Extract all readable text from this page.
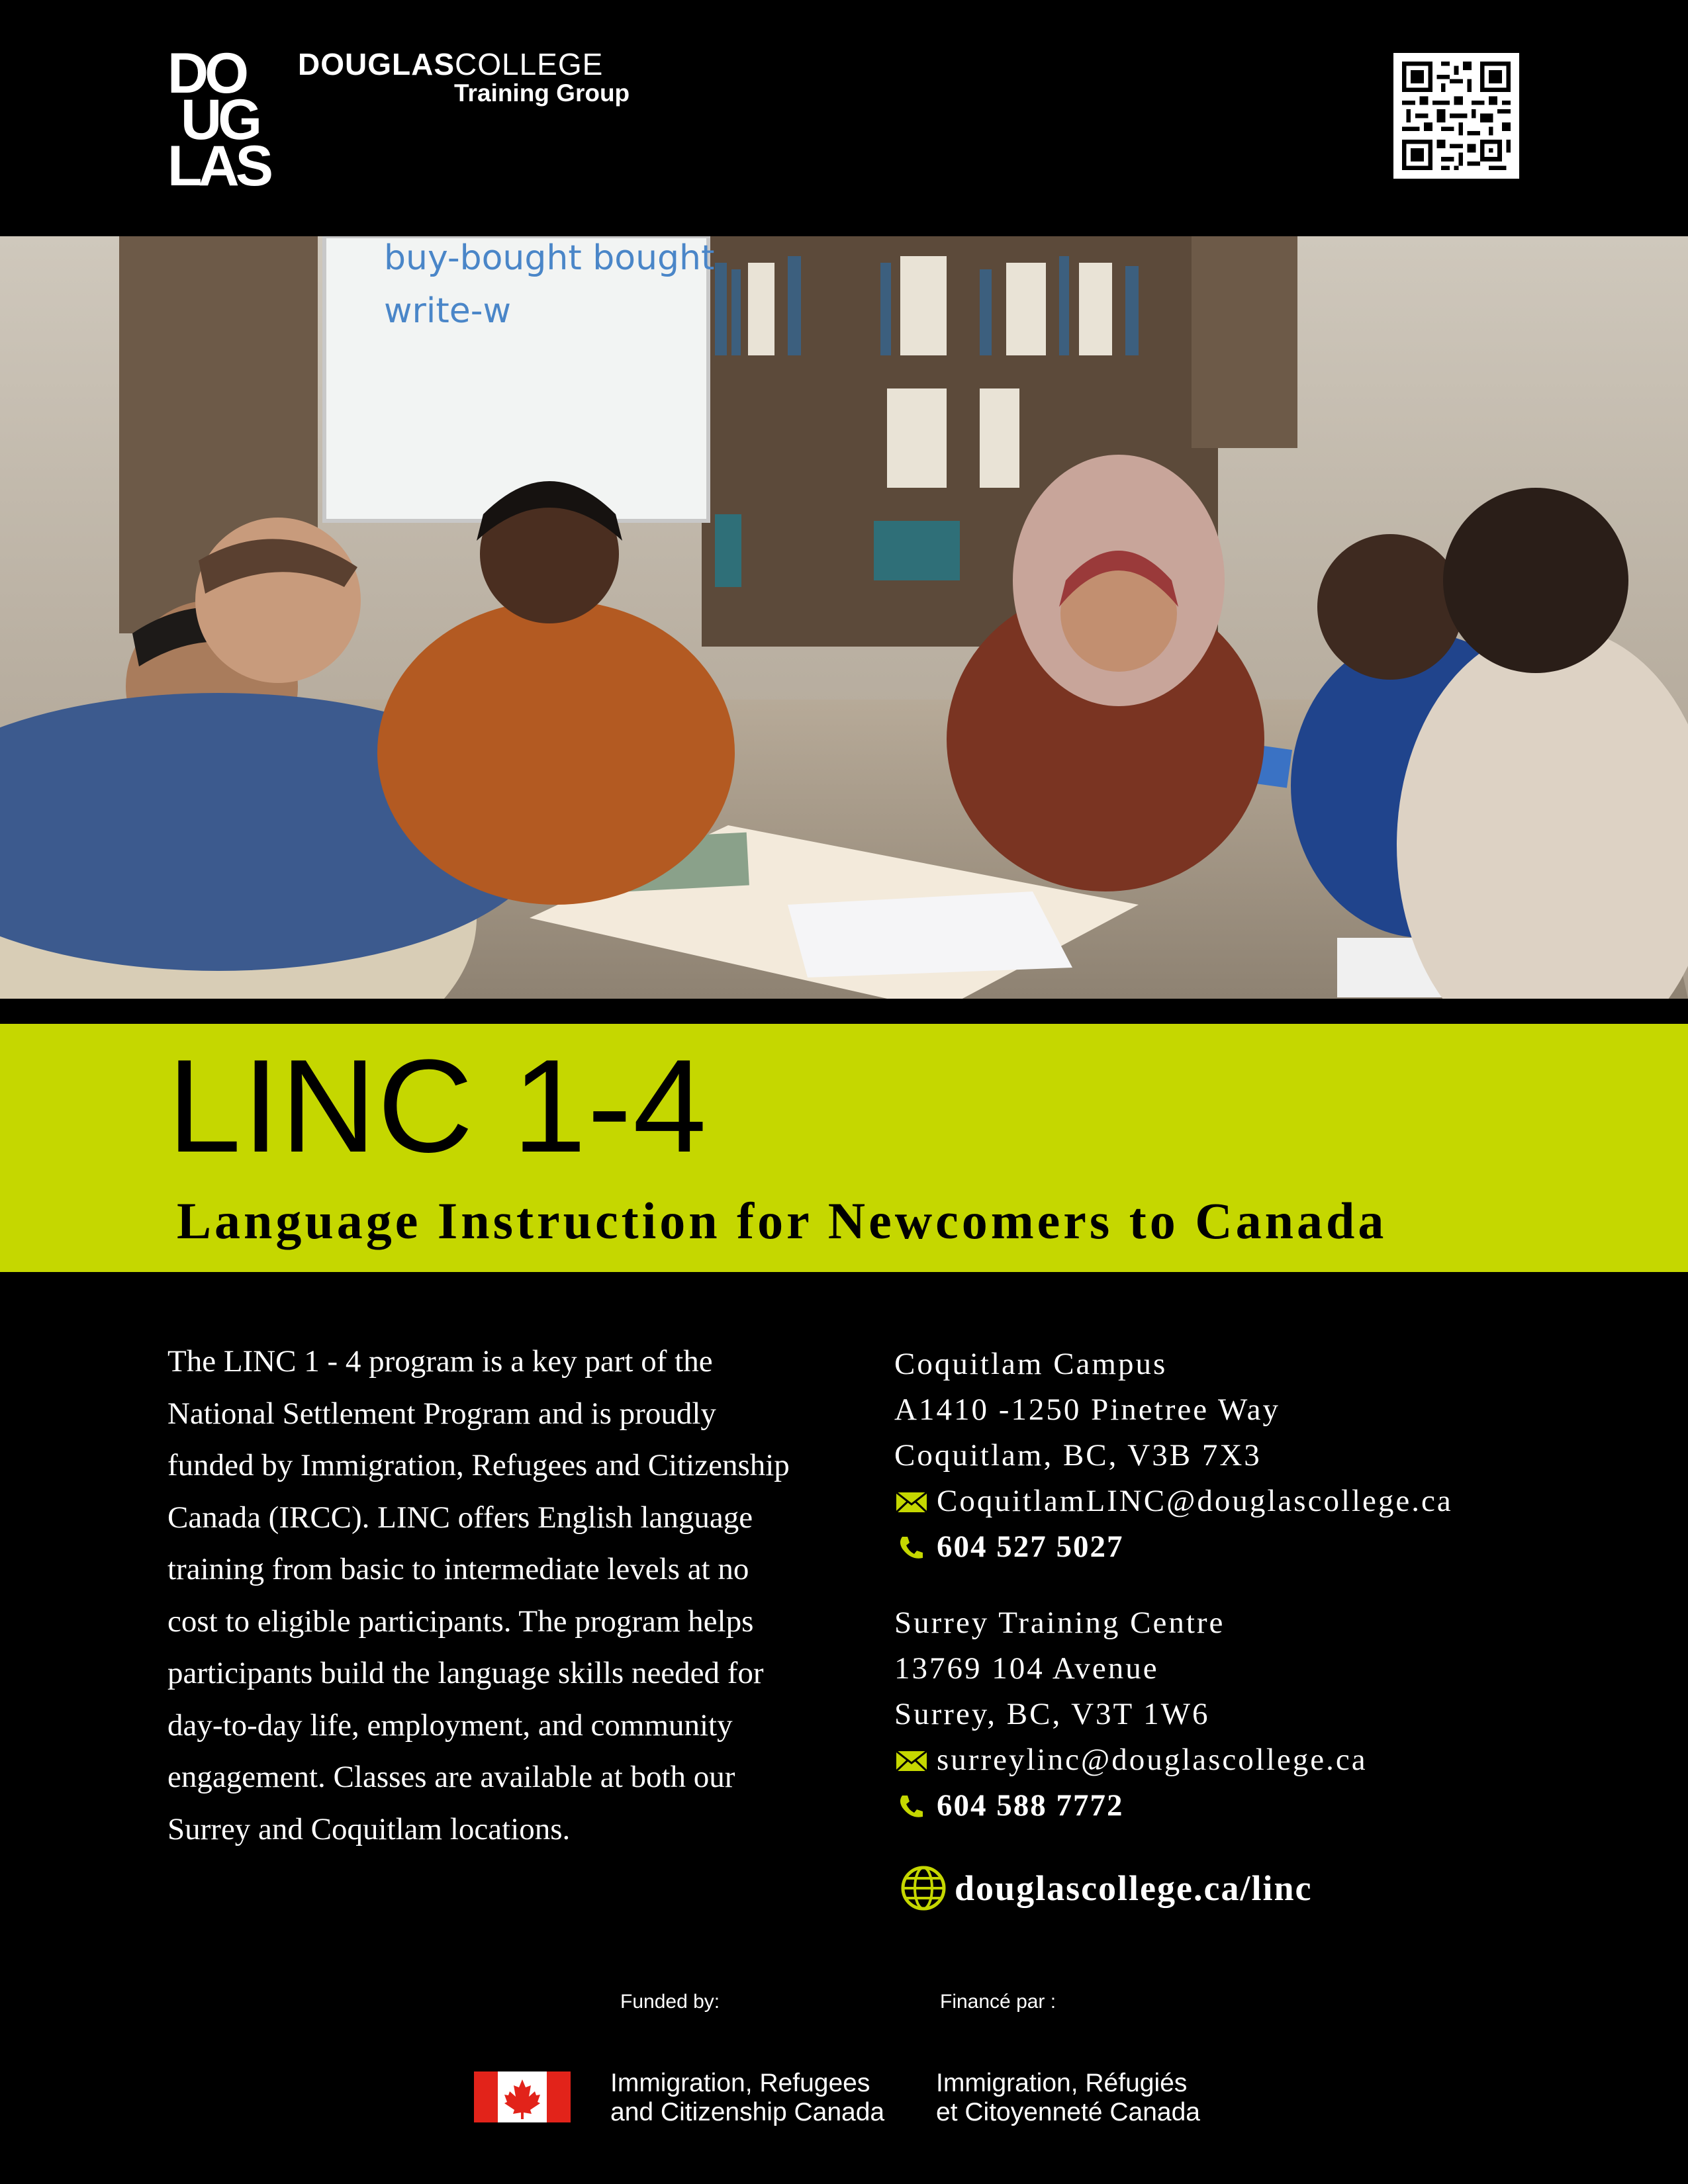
DO
UG
LAS
DOUGLASCOLLEGE
Training Group
buy-bought bought
write-w
LINC 1-4
Language Instruction for Newcomers to Canada
The LINC 1 - 4 program is a key part of the National Settlement Program and is proudly funded by Immigration, Refugees and Citizenship Canada (IRCC). LINC offers English language training from basic to intermediate levels at no cost to eligible participants. The program helps participants build the language skills needed for day-to-day life, employment, and community engagement. Classes are available at both our Surrey and Coquitlam locations.
Coquitlam Campus
A1410 -1250 Pinetree Way
Coquitlam, BC, V3B 7X3
CoquitlamLINC@douglascollege.ca
604 527 5027
Surrey Training Centre
13769 104 Avenue
Surrey, BC, V3T 1W6
surreylinc@douglascollege.ca
604 588 7772
douglascollege.ca/linc
Funded by:	Financé par :
Immigration, Refugees
and Citizenship Canada
Immigration, Réfugiés
et Citoyenneté Canada
